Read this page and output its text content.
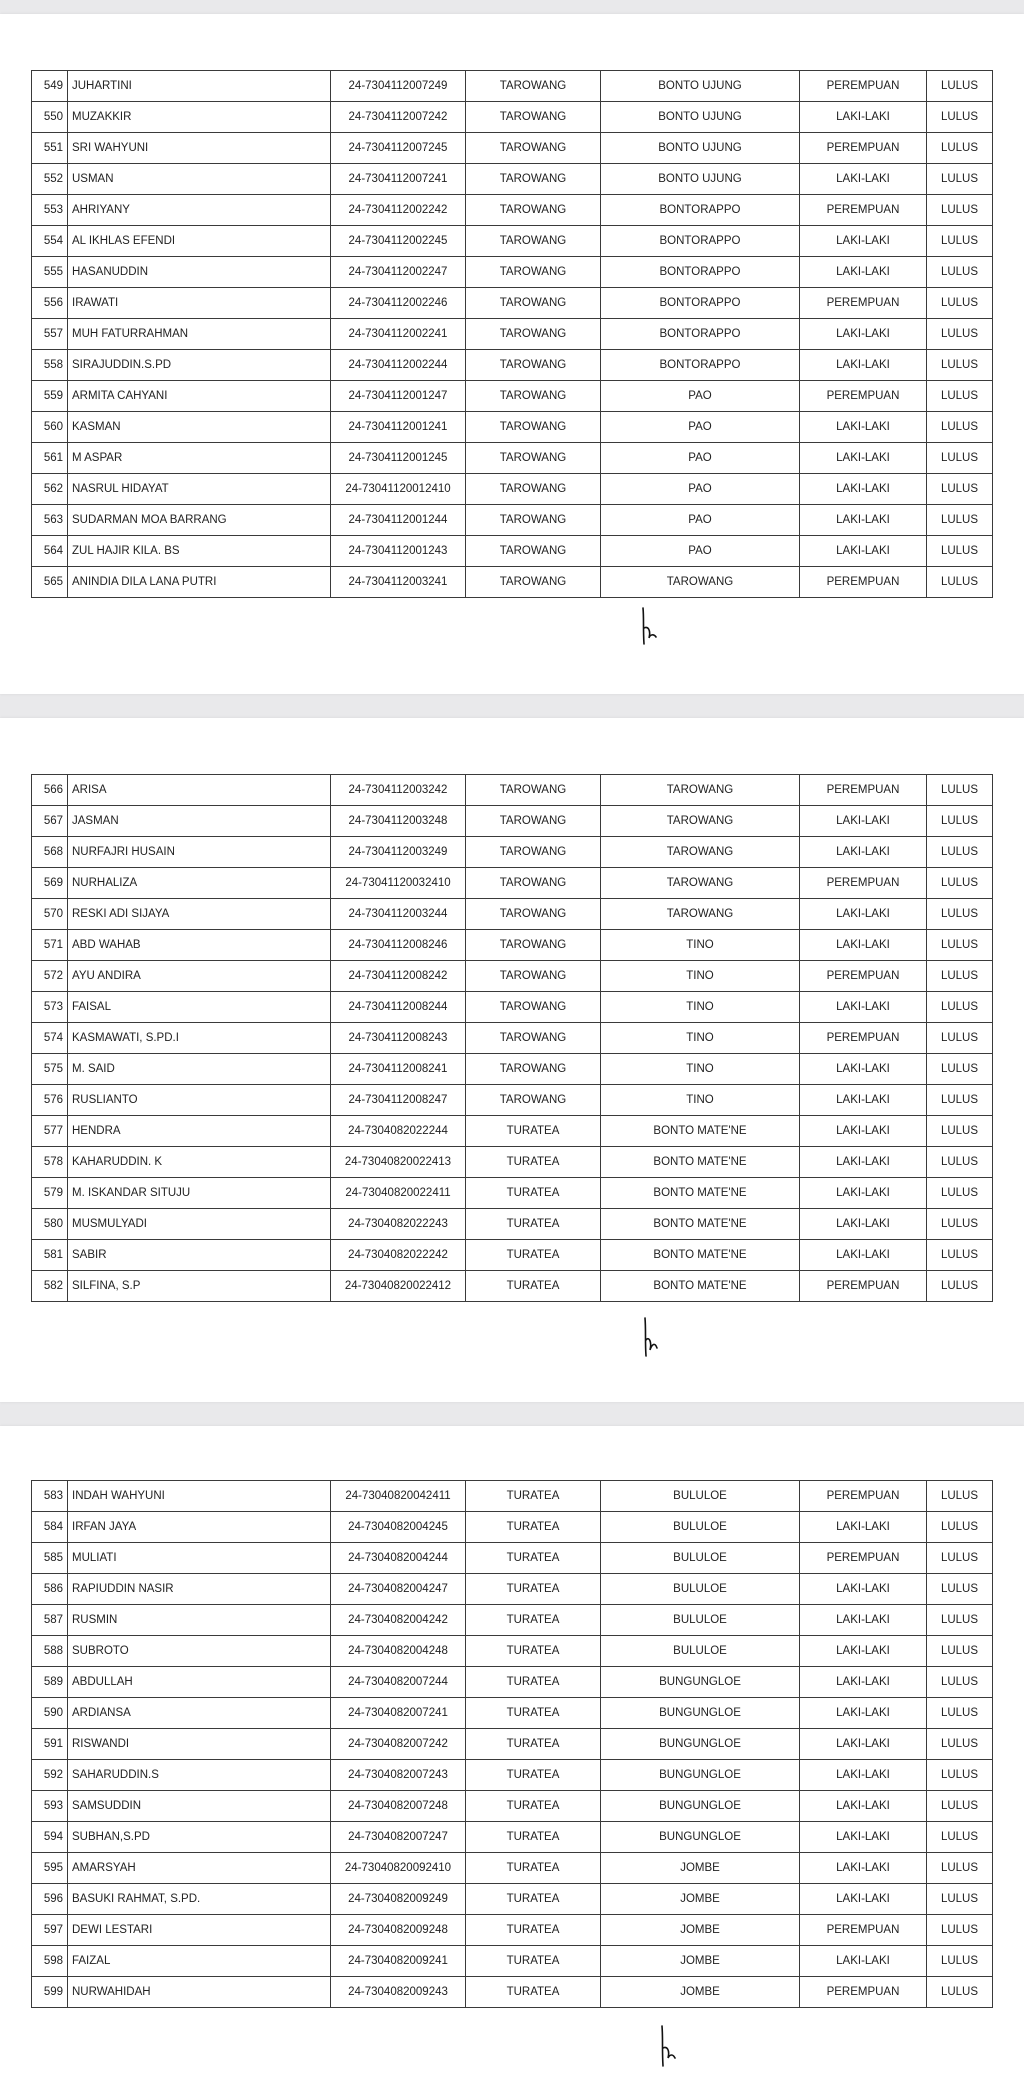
549	JUHARTINI	24-7304112007249	TAROWANG	BONTO UJUNG	PEREMPUAN	LULUS
550	MUZAKKIR	24-7304112007242	TAROWANG	BONTO UJUNG	LAKI-LAKI	LULUS
551	SRI WAHYUNI	24-7304112007245	TAROWANG	BONTO UJUNG	PEREMPUAN	LULUS
552	USMAN	24-7304112007241	TAROWANG	BONTO UJUNG	LAKI-LAKI	LULUS
553	AHRIYANY	24-7304112002242	TAROWANG	BONTORAPPO	PEREMPUAN	LULUS
554	AL IKHLAS EFENDI	24-7304112002245	TAROWANG	BONTORAPPO	LAKI-LAKI	LULUS
555	HASANUDDIN	24-7304112002247	TAROWANG	BONTORAPPO	LAKI-LAKI	LULUS
556	IRAWATI	24-7304112002246	TAROWANG	BONTORAPPO	PEREMPUAN	LULUS
557	MUH FATURRAHMAN	24-7304112002241	TAROWANG	BONTORAPPO	LAKI-LAKI	LULUS
558	SIRAJUDDIN.S.PD	24-7304112002244	TAROWANG	BONTORAPPO	LAKI-LAKI	LULUS
559	ARMITA CAHYANI	24-7304112001247	TAROWANG	PAO	PEREMPUAN	LULUS
560	KASMAN	24-7304112001241	TAROWANG	PAO	LAKI-LAKI	LULUS
561	M ASPAR	24-7304112001245	TAROWANG	PAO	LAKI-LAKI	LULUS
562	NASRUL HIDAYAT	24-73041120012410	TAROWANG	PAO	LAKI-LAKI	LULUS
563	SUDARMAN MOA BARRANG	24-7304112001244	TAROWANG	PAO	LAKI-LAKI	LULUS
564	ZUL HAJIR KILA. BS	24-7304112001243	TAROWANG	PAO	LAKI-LAKI	LULUS
565	ANINDIA DILA LANA PUTRI	24-7304112003241	TAROWANG	TAROWANG	PEREMPUAN	LULUS
566	ARISA	24-7304112003242	TAROWANG	TAROWANG	PEREMPUAN	LULUS
567	JASMAN	24-7304112003248	TAROWANG	TAROWANG	LAKI-LAKI	LULUS
568	NURFAJRI HUSAIN	24-7304112003249	TAROWANG	TAROWANG	LAKI-LAKI	LULUS
569	NURHALIZA	24-73041120032410	TAROWANG	TAROWANG	PEREMPUAN	LULUS
570	RESKI ADI SIJAYA	24-7304112003244	TAROWANG	TAROWANG	LAKI-LAKI	LULUS
571	ABD WAHAB	24-7304112008246	TAROWANG	TINO	LAKI-LAKI	LULUS
572	AYU ANDIRA	24-7304112008242	TAROWANG	TINO	PEREMPUAN	LULUS
573	FAISAL	24-7304112008244	TAROWANG	TINO	LAKI-LAKI	LULUS
574	KASMAWATI, S.PD.I	24-7304112008243	TAROWANG	TINO	PEREMPUAN	LULUS
575	M. SAID	24-7304112008241	TAROWANG	TINO	LAKI-LAKI	LULUS
576	RUSLIANTO	24-7304112008247	TAROWANG	TINO	LAKI-LAKI	LULUS
577	HENDRA	24-7304082022244	TURATEA	BONTO MATE'NE	LAKI-LAKI	LULUS
578	KAHARUDDIN. K	24-73040820022413	TURATEA	BONTO MATE'NE	LAKI-LAKI	LULUS
579	M. ISKANDAR SITUJU	24-73040820022411	TURATEA	BONTO MATE'NE	LAKI-LAKI	LULUS
580	MUSMULYADI	24-7304082022243	TURATEA	BONTO MATE'NE	LAKI-LAKI	LULUS
581	SABIR	24-7304082022242	TURATEA	BONTO MATE'NE	LAKI-LAKI	LULUS
582	SILFINA, S.P	24-73040820022412	TURATEA	BONTO MATE'NE	PEREMPUAN	LULUS
583	INDAH WAHYUNI	24-73040820042411	TURATEA	BULULOE	PEREMPUAN	LULUS
584	IRFAN JAYA	24-7304082004245	TURATEA	BULULOE	LAKI-LAKI	LULUS
585	MULIATI	24-7304082004244	TURATEA	BULULOE	PEREMPUAN	LULUS
586	RAPIUDDIN NASIR	24-7304082004247	TURATEA	BULULOE	LAKI-LAKI	LULUS
587	RUSMIN	24-7304082004242	TURATEA	BULULOE	LAKI-LAKI	LULUS
588	SUBROTO	24-7304082004248	TURATEA	BULULOE	LAKI-LAKI	LULUS
589	ABDULLAH	24-7304082007244	TURATEA	BUNGUNGLOE	LAKI-LAKI	LULUS
590	ARDIANSA	24-7304082007241	TURATEA	BUNGUNGLOE	LAKI-LAKI	LULUS
591	RISWANDI	24-7304082007242	TURATEA	BUNGUNGLOE	LAKI-LAKI	LULUS
592	SAHARUDDIN.S	24-7304082007243	TURATEA	BUNGUNGLOE	LAKI-LAKI	LULUS
593	SAMSUDDIN	24-7304082007248	TURATEA	BUNGUNGLOE	LAKI-LAKI	LULUS
594	SUBHAN,S.PD	24-7304082007247	TURATEA	BUNGUNGLOE	LAKI-LAKI	LULUS
595	AMARSYAH	24-73040820092410	TURATEA	JOMBE	LAKI-LAKI	LULUS
596	BASUKI RAHMAT, S.PD.	24-7304082009249	TURATEA	JOMBE	LAKI-LAKI	LULUS
597	DEWI LESTARI	24-7304082009248	TURATEA	JOMBE	PEREMPUAN	LULUS
598	FAIZAL	24-7304082009241	TURATEA	JOMBE	LAKI-LAKI	LULUS
599	NURWAHIDAH	24-7304082009243	TURATEA	JOMBE	PEREMPUAN	LULUS
